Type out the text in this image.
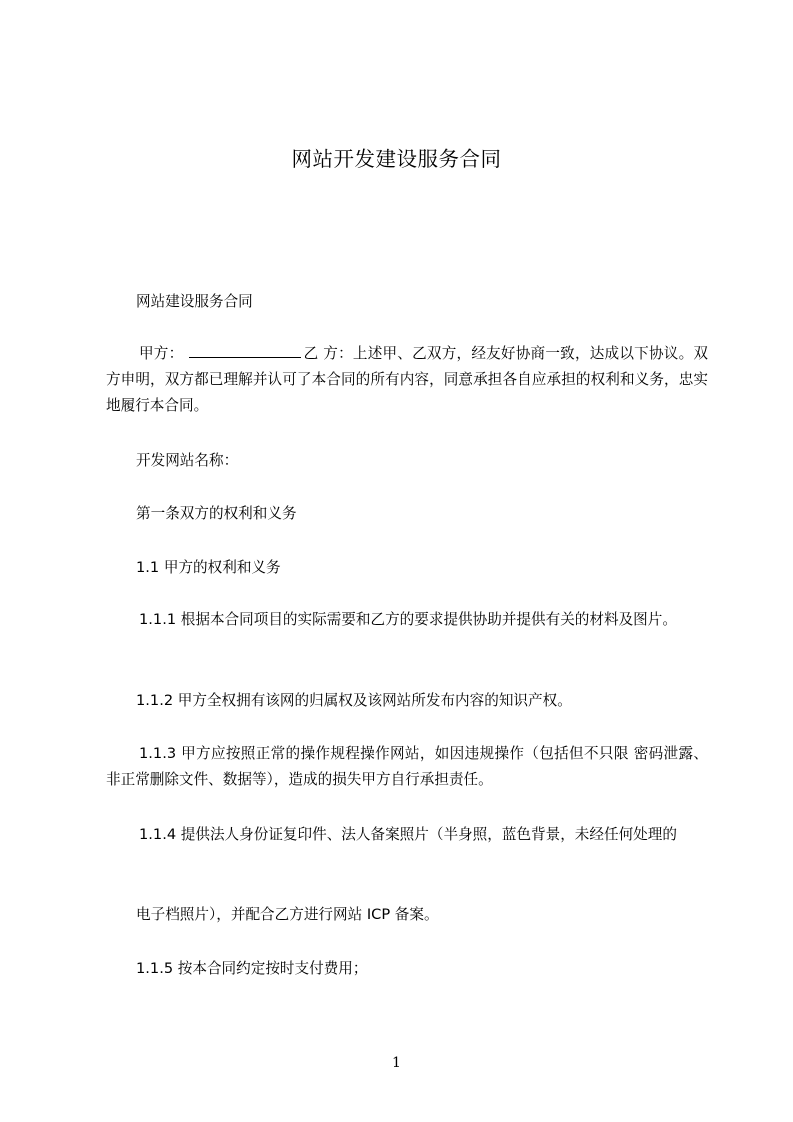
网站开发建设服务合同
网站建设服务合同
甲方：	乙 方：上述甲、乙双方，经友好协商一致，达成以下协议。双方申明，双方都已理解并认可了本合同的所有内容，同意承担各自应承担的权利和义务，忠实地履行本合同。
开发网站名称：
第一条双方的权利和义务
1.1 甲方的权利和义务
1.1.1 根据本合同项目的实际需要和乙方的要求提供协助并提供有关的材料及图片。
1.1.2 甲方全权拥有该网的归属权及该网站所发布内容的知识产权。
1.1.3 甲方应按照正常的操作规程操作网站，如因违规操作（包括但不只限 密码泄露、非正常删除文件、数据等），造成的损失甲方自行承担责任。
1.1.4 提供法人身份证复印件、法人备案照片（半身照，蓝色背景，未经任何处理的
电子档照片），并配合乙方进行网站 ICP 备案。
1.1.5 按本合同约定按时支付费用；
1
